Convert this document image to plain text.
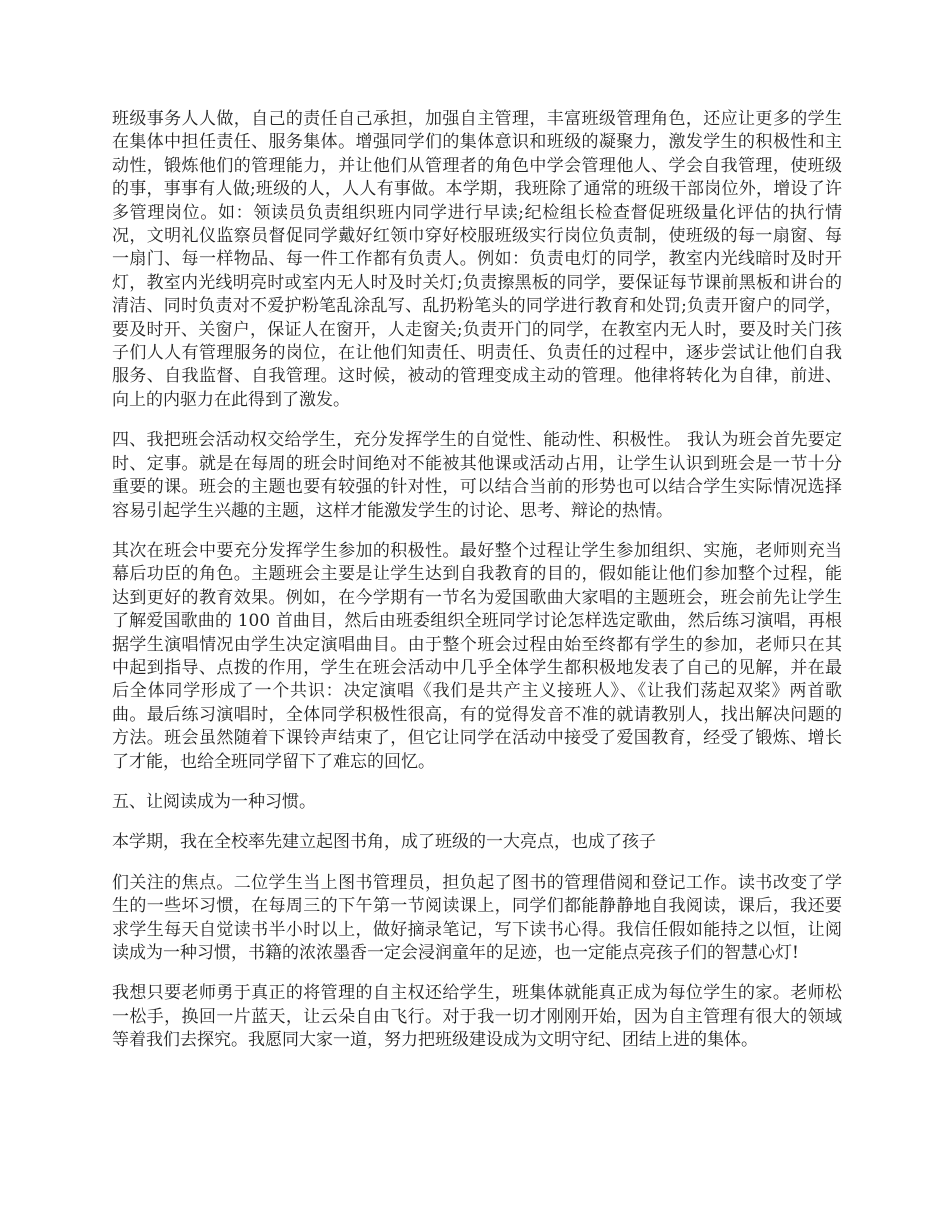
班级事务人人做，自己的责任自己承担，加强自主管理，丰富班级管理角色，还应让更多的学生在集体中担任责任、服务集体。增强同学们的集体意识和班级的凝聚力，激发学生的积极性和主动性，锻炼他们的管理能力，并让他们从管理者的角色中学会管理他人、学会自我管理，使班级的事，事事有人做;班级的人，人人有事做。本学期，我班除了通常的班级干部岗位外，增设了许多管理岗位。如：领读员负责组织班内同学进行早读;纪检组长检查督促班级量化评估的执行情况，文明礼仪监察员督促同学戴好红领巾穿好校服班级实行岗位负责制，使班级的每一扇窗、每一扇门、每一样物品、每一件工作都有负责人。例如：负责电灯的同学，教室内光线暗时及时开灯，教室内光线明亮时或室内无人时及时关灯;负责擦黑板的同学，要保证每节课前黑板和讲台的清洁、同时负责对不爱护粉笔乱涂乱写、乱扔粉笔头的同学进行教育和处罚;负责开窗户的同学，要及时开、关窗户，保证人在窗开，人走窗关;负责开门的同学，在教室内无人时，要及时关门孩子们人人有管理服务的岗位，在让他们知责任、明责任、负责任的过程中，逐步尝试让他们自我服务、自我监督、自我管理。这时候，被动的管理变成主动的管理。他律将转化为自律，前进、向上的内驱力在此得到了激发。

四、我把班会活动权交给学生，充分发挥学生的自觉性、能动性、积极性。 我认为班会首先要定时、定事。就是在每周的班会时间绝对不能被其他课或活动占用，让学生认识到班会是一节十分重要的课。班会的主题也要有较强的针对性，可以结合当前的形势也可以结合学生实际情况选择容易引起学生兴趣的主题，这样才能激发学生的讨论、思考、辩论的热情。

其次在班会中要充分发挥学生参加的积极性。最好整个过程让学生参加组织、实施，老师则充当幕后功臣的角色。主题班会主要是让学生达到自我教育的目的，假如能让他们参加整个过程，能达到更好的教育效果。例如，在今学期有一节名为爱国歌曲大家唱的主题班会，班会前先让学生了解爱国歌曲的 100 首曲目，然后由班委组织全班同学讨论怎样选定歌曲，然后练习演唱，再根据学生演唱情况由学生决定演唱曲目。由于整个班会过程由始至终都有学生的参加，老师只在其中起到指导、点拨的作用，学生在班会活动中几乎全体学生都积极地发表了自己的见解，并在最后全体同学形成了一个共识：决定演唱《我们是共产主义接班人》、《让我们荡起双桨》两首歌曲。最后练习演唱时，全体同学积极性很高，有的觉得发音不准的就请教别人，找出解决问题的方法。班会虽然随着下课铃声结束了，但它让同学在活动中接受了爱国教育，经受了锻炼、增长了才能，也给全班同学留下了难忘的回忆。

五、让阅读成为一种习惯。

本学期，我在全校率先建立起图书角，成了班级的一大亮点，也成了孩子

们关注的焦点。二位学生当上图书管理员，担负起了图书的管理借阅和登记工作。读书改变了学生的一些坏习惯，在每周三的下午第一节阅读课上，同学们都能静静地自我阅读，课后，我还要求学生每天自觉读书半小时以上，做好摘录笔记，写下读书心得。我信任假如能持之以恒，让阅读成为一种习惯，书籍的浓浓墨香一定会浸润童年的足迹，也一定能点亮孩子们的智慧心灯!

我想只要老师勇于真正的将管理的自主权还给学生，班集体就能真正成为每位学生的家。老师松一松手，换回一片蓝天，让云朵自由飞行。对于我一切才刚刚开始，因为自主管理有很大的领域等着我们去探究。我愿同大家一道，努力把班级建设成为文明守纪、团结上进的集体。
